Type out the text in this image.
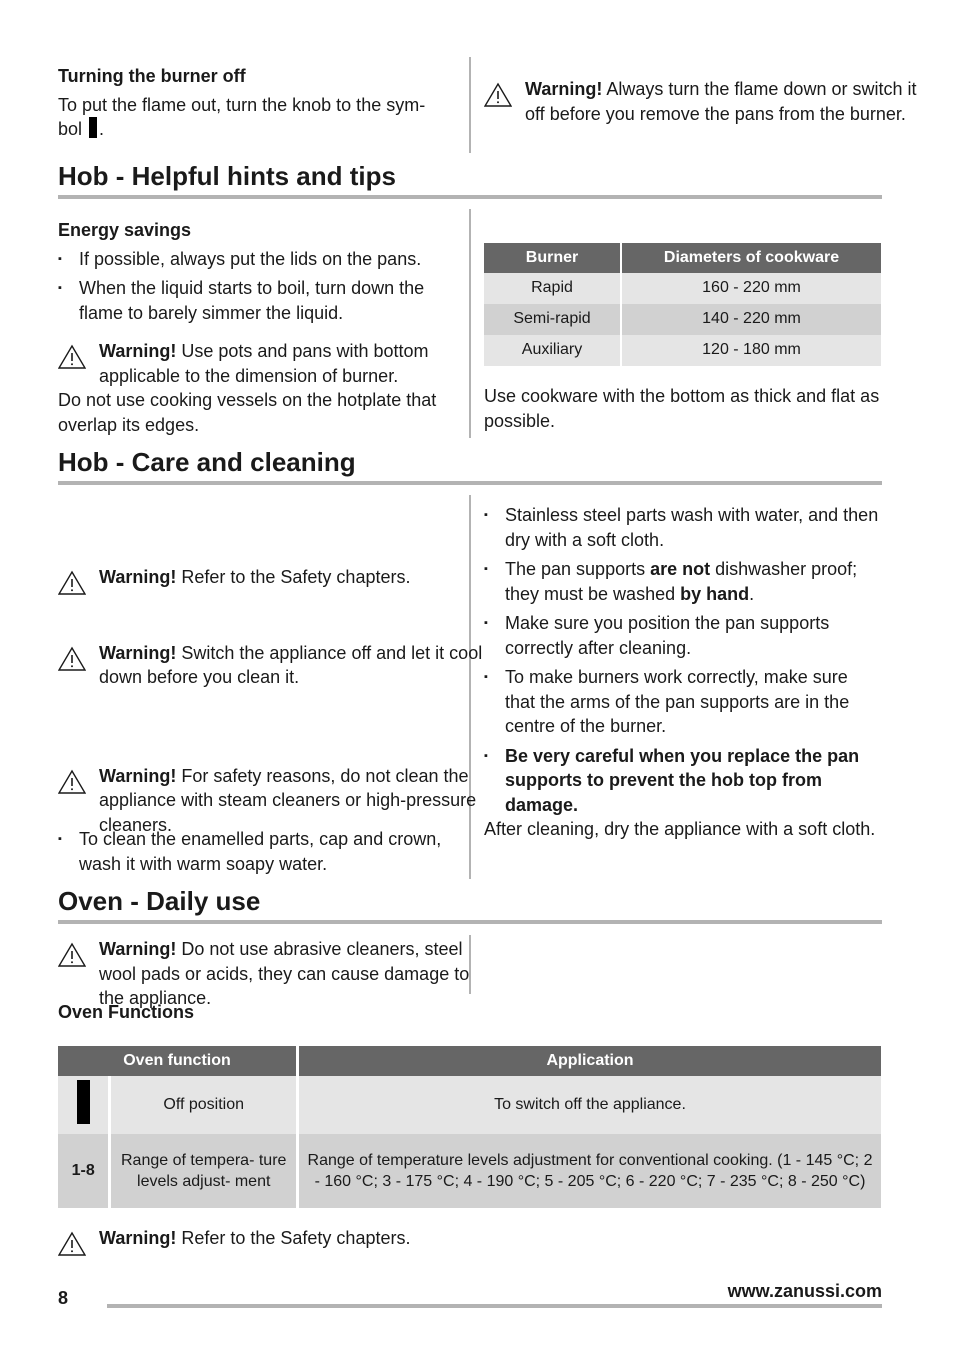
Turning the burner off
To put the flame out, turn the knob to the sym- bol .
Warning! Always turn the flame down or switch it off before you remove the pans from the burner.
Hob - Helpful hints and tips
Energy savings
▪ If possible, always put the lids on the pans.
▪ When the liquid starts to boil, turn down the flame to barely simmer the liquid.
Warning! Use pots and pans with bottom applicable to the dimension of burner.
Do not use cooking vessels on the hotplate that overlap its edges.
Burner	Diameters of cookware
Rapid	160 - 220 mm
Semi-rapid	140 - 220 mm
Auxiliary	120 - 180 mm
Use cookware with the bottom as thick and flat as possible.
Hob - Care and cleaning
Warning! Refer to the Safety chapters.
Warning! Switch the appliance off and let it cool down before you clean it.
Warning! For safety reasons, do not clean the appliance with steam cleaners or high-pressure cleaners.
Warning! Do not use abrasive cleaners, steel wool pads or acids, they can cause damage to the appliance.
▪ To clean the enamelled parts, cap and crown, wash it with warm soapy water.
▪ Stainless steel parts wash with water, and then dry with a soft cloth.
▪ The pan supports are not dishwasher proof; they must be washed by hand.
▪ Make sure you position the pan supports correctly after cleaning.
▪ To make burners work correctly, make sure that the arms of the pan supports are in the centre of the burner.
▪ Be very careful when you replace the pan supports to prevent the hob top from damage.
After cleaning, dry the appliance with a soft cloth.
Oven - Daily use
Warning! Refer to the Safety chapters.
Oven Functions
Oven function		Application
	Off position	To switch off the appliance.
1-8	Range of tempera- ture levels adjust- ment	Range of temperature levels adjustment for conventional cooking. (1 - 145 °C; 2 - 160 °C; 3 - 175 °C; 4 - 190 °C; 5 - 205 °C; 6 - 220 °C; 7 - 235 °C; 8 - 250 °C)
8	www.zanussi.com
